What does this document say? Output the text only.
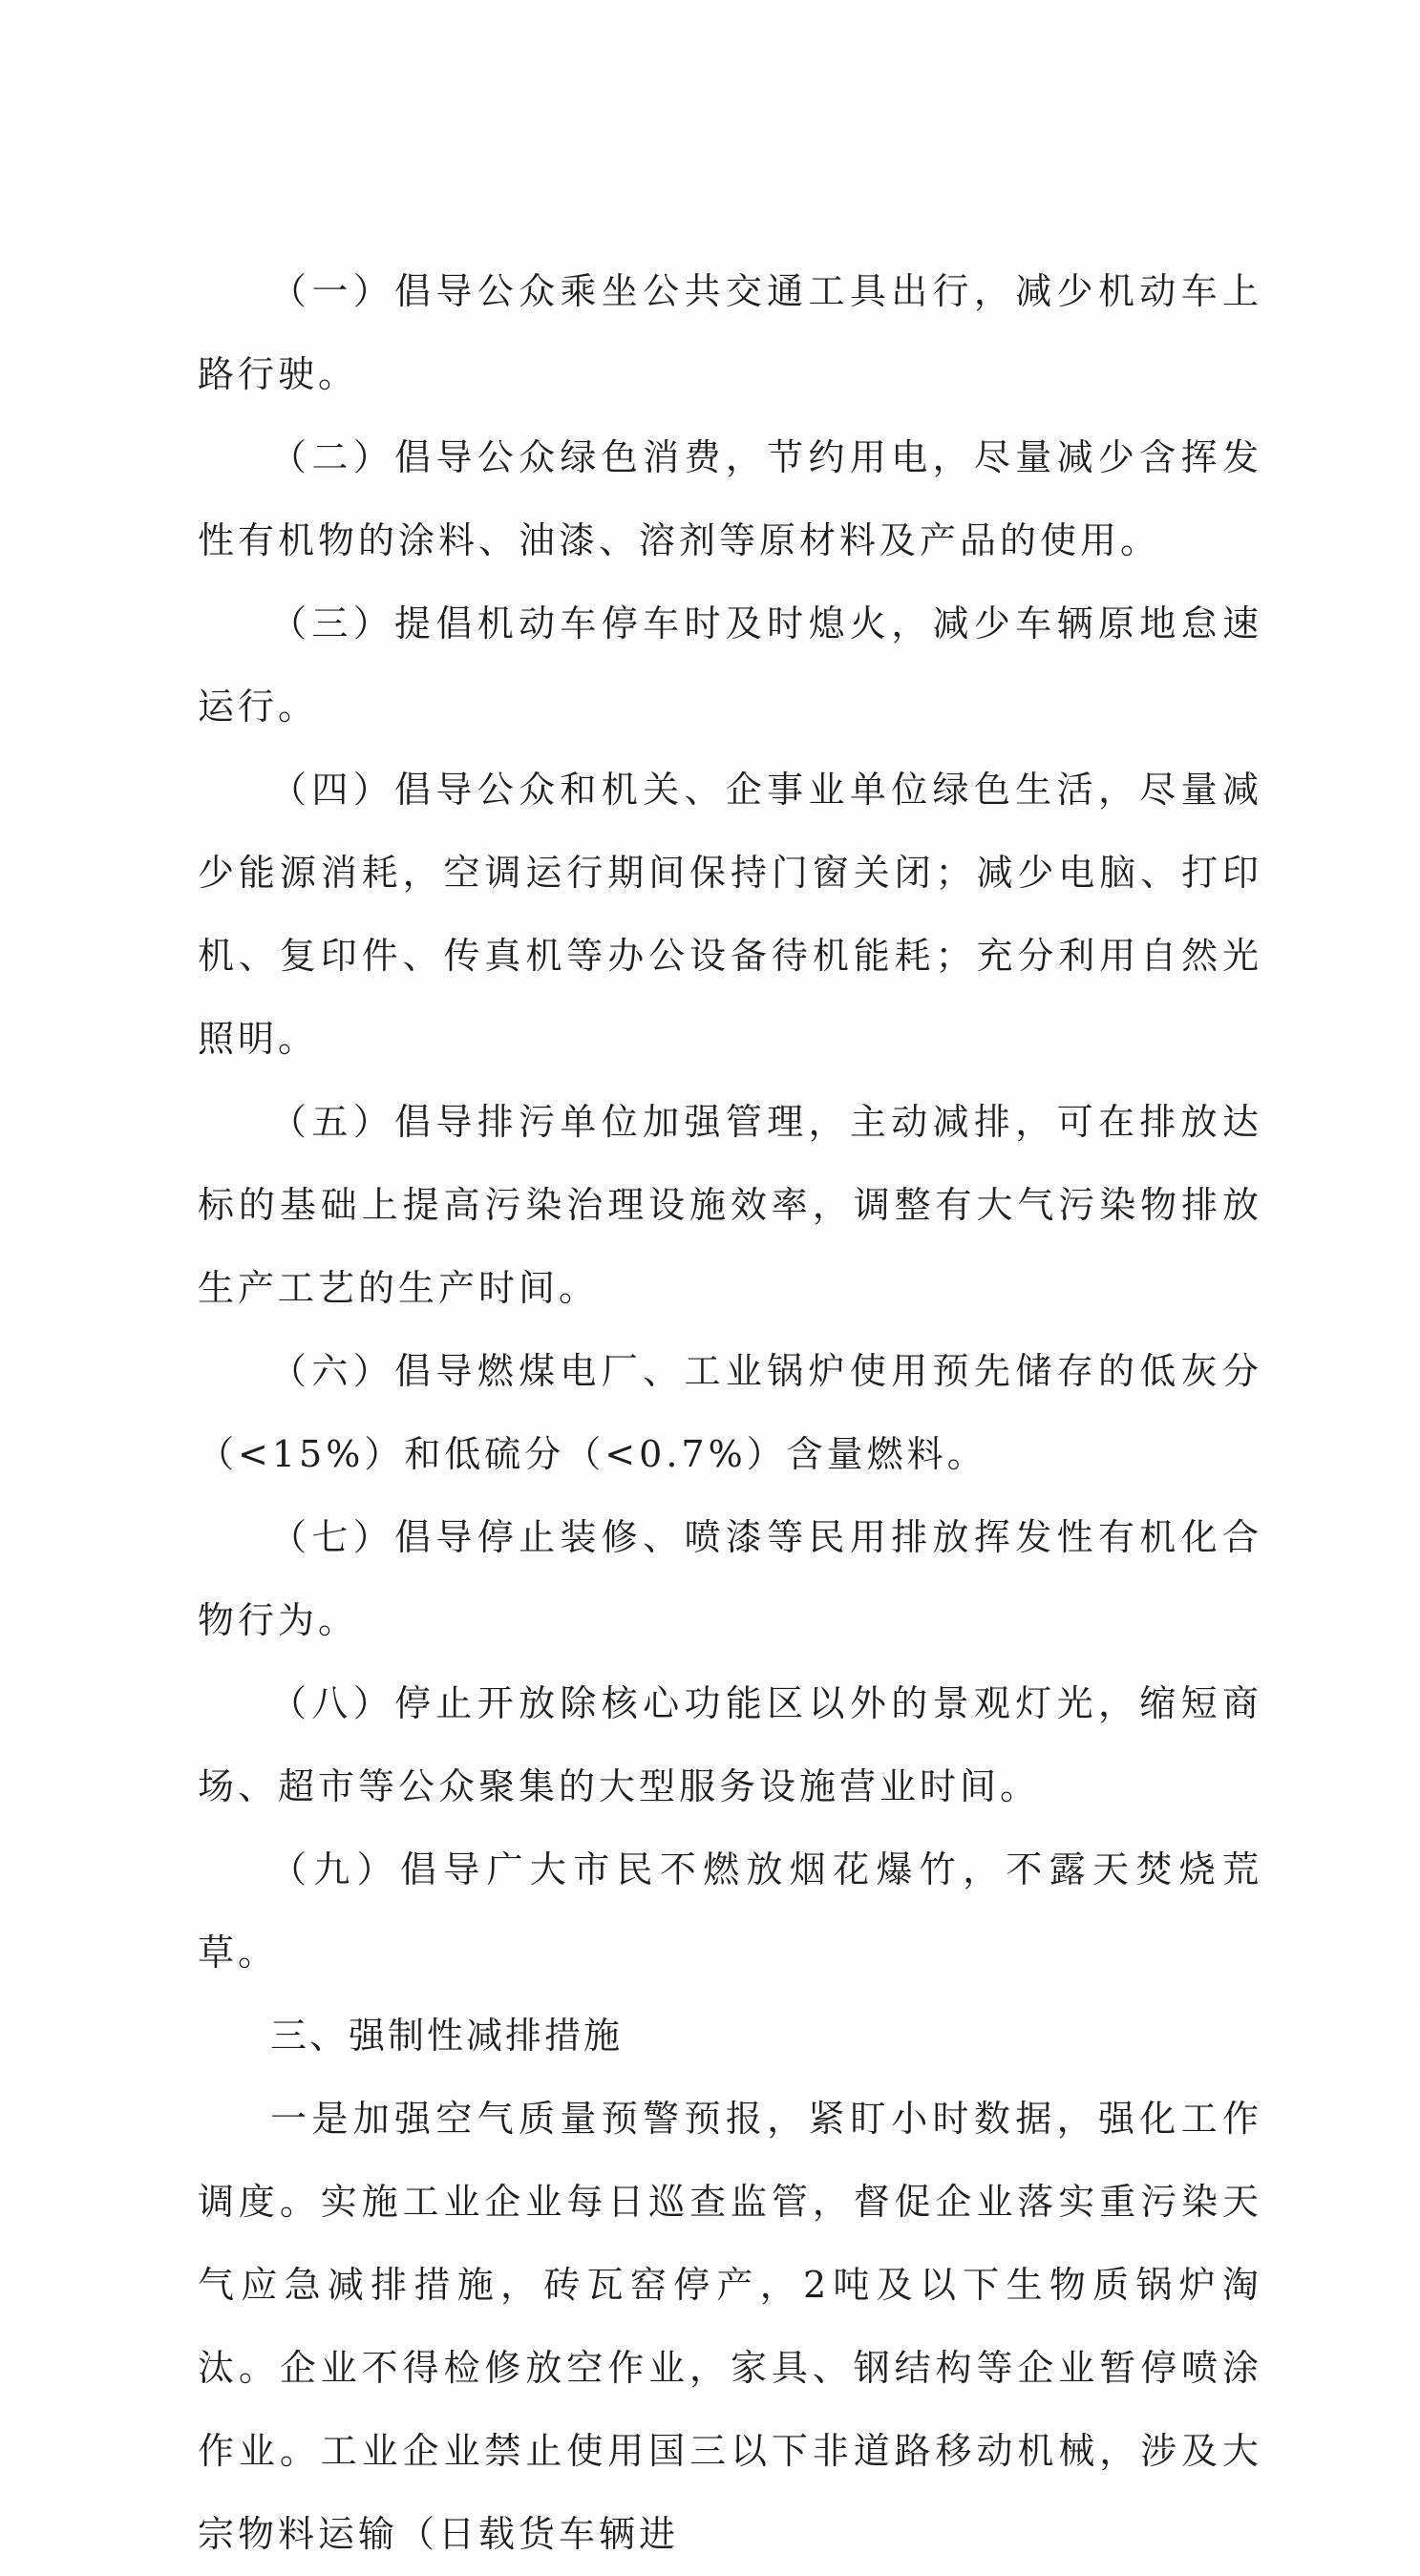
（一）倡导公众乘坐公共交通工具出行，减少机动车上路行驶。

（二）倡导公众绿色消费，节约用电，尽量减少含挥发性有机物的涂料、油漆、溶剂等原材料及产品的使用。

（三）提倡机动车停车时及时熄火，减少车辆原地怠速运行。

（四）倡导公众和机关、企事业单位绿色生活，尽量减少能源消耗，空调运行期间保持门窗关闭；减少电脑、打印机、复印件、传真机等办公设备待机能耗；充分利用自然光照明。

（五）倡导排污单位加强管理，主动减排，可在排放达标的基础上提高污染治理设施效率，调整有大气污染物排放生产工艺的生产时间。

（六）倡导燃煤电厂、工业锅炉使用预先储存的低灰分（<15%）和低硫分（<0.7%）含量燃料。

（七）倡导停止装修、喷漆等民用排放挥发性有机化合物行为。

（八）停止开放除核心功能区以外的景观灯光，缩短商场、超市等公众聚集的大型服务设施营业时间。

（九）倡导广大市民不燃放烟花爆竹，不露天焚烧荒草。

三、强制性减排措施

一是加强空气质量预警预报，紧盯小时数据，强化工作调度。实施工业企业每日巡查监管，督促企业落实重污染天气应急减排措施，砖瓦窑停产，2吨及以下生物质锅炉淘汰。企业不得检修放空作业，家具、钢结构等企业暂停喷涂作业。工业企业禁止使用国三以下非道路移动机械，涉及大宗物料运输（日载货车辆进
